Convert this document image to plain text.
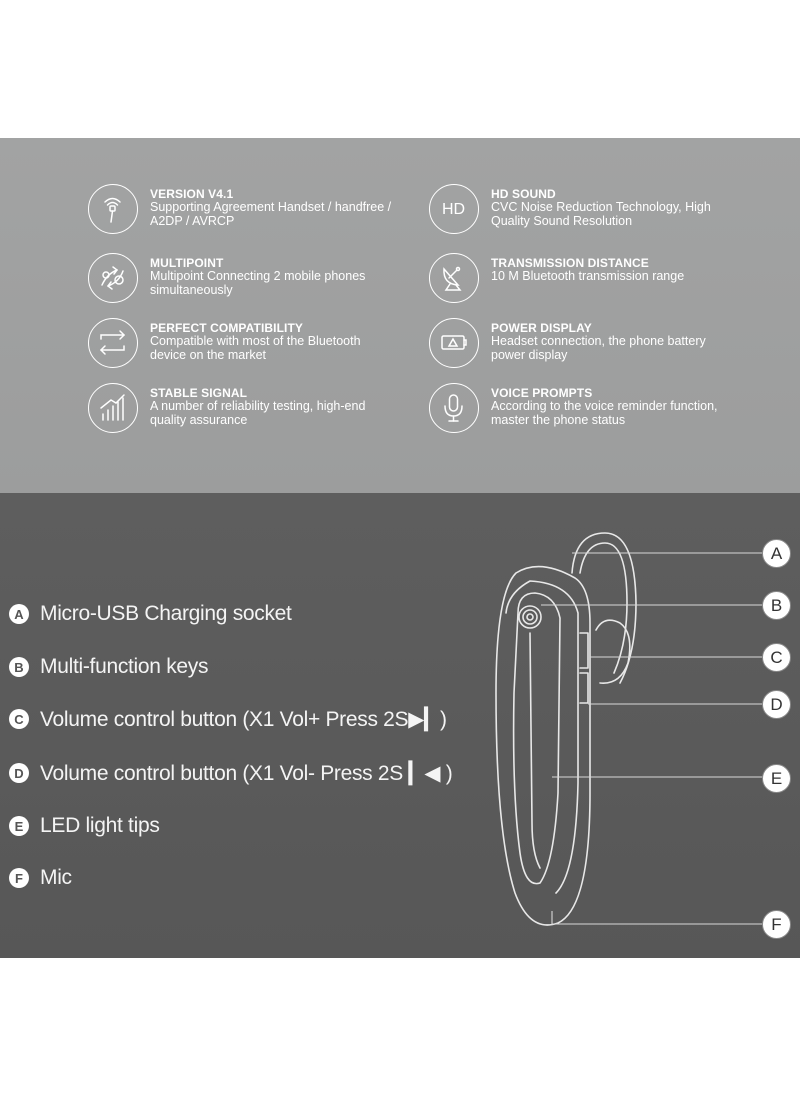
VERSION V4.1
Supporting Agreement Handset / handfree / A2DP / AVRCP
MULTIPOINT
Multipoint Connecting 2 mobile phones simultaneously
PERFECT COMPATIBILITY
Compatible with most of the Bluetooth device on the market
STABLE SIGNAL
A number of reliability testing, high-end quality assurance
HD
HD SOUND
CVC Noise Reduction Technology, High Quality Sound Resolution
TRANSMISSION DISTANCE
10 M Bluetooth transmission range
POWER DISPLAY
Headset connection, the phone battery power display
VOICE PROMPTS
According to the voice reminder function, master the phone status
A Micro-USB Charging socket
B Multi-function keys
C Volume control button (X1 Vol+ Press 2S▶▎)
D Volume control button (X1 Vol- Press 2S ▎◀ )
E LED light tips
F Mic
A
B
C
D
E
F
